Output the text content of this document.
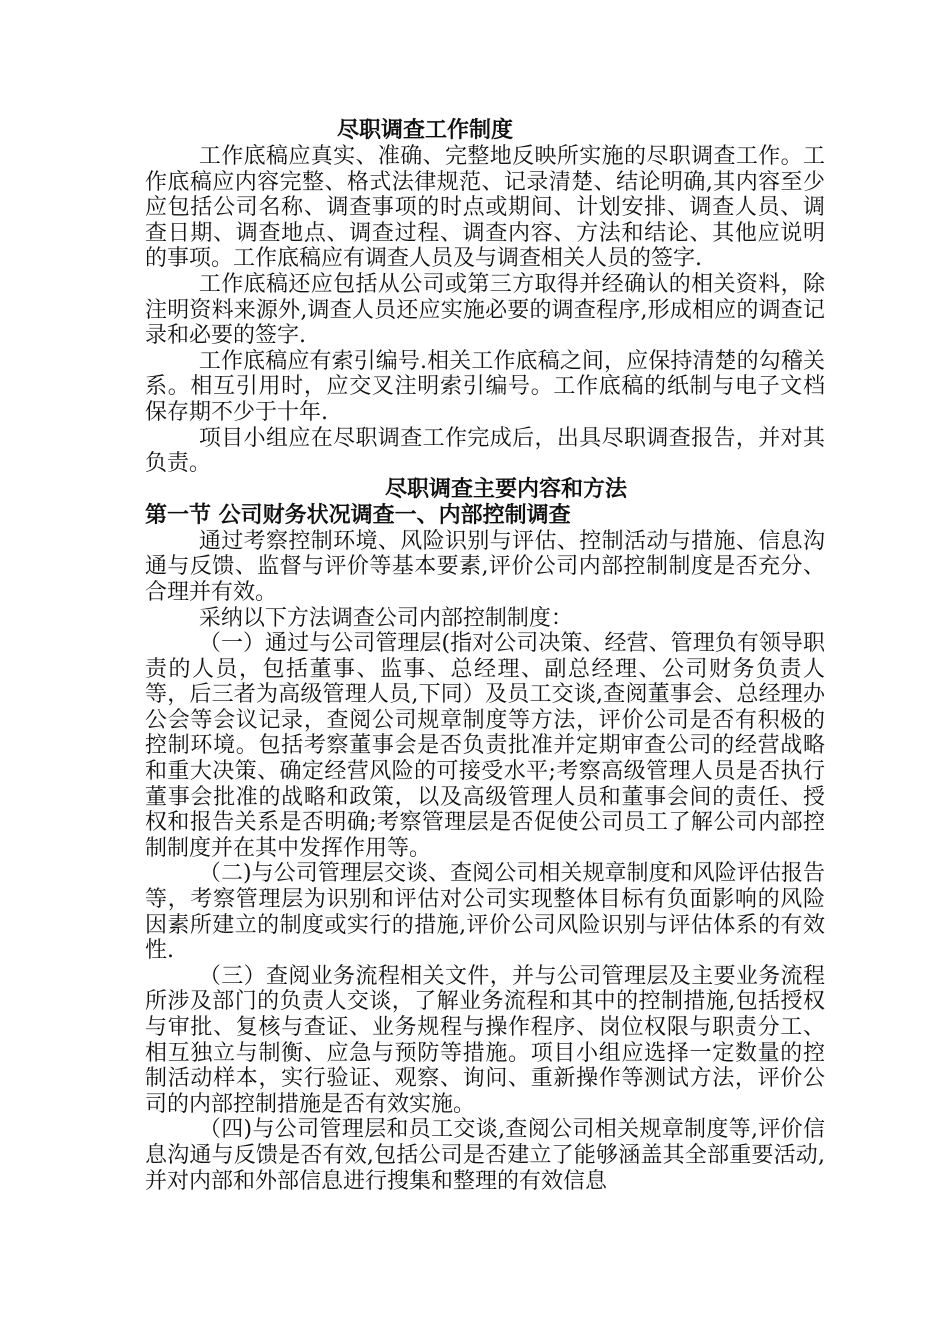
尽职调查工作制度

工作底稿应真实、准确、完整地反映所实施的尽职调查工作。工作底稿应内容完整、格式法律规范、记录清楚、结论明确,其内容至少应包括公司名称、调查事项的时点或期间、计划安排、调查人员、调查日期、调查地点、调查过程、调查内容、方法和结论、其他应说明的事项。工作底稿应有调查人员及与调查相关人员的签字.

工作底稿还应包括从公司或第三方取得并经确认的相关资料，除注明资料来源外,调查人员还应实施必要的调查程序,形成相应的调查记录和必要的签字.

工作底稿应有索引编号.相关工作底稿之间，应保持清楚的勾稽关系。相互引用时，应交叉注明索引编号。工作底稿的纸制与电子文档保存期不少于十年.

项目小组应在尽职调查工作完成后，出具尽职调查报告，并对其负责。

尽职调查主要内容和方法
第一节 公司财务状况调查一、内部控制调查

通过考察控制环境、风险识别与评估、控制活动与措施、信息沟通与反馈、监督与评价等基本要素,评价公司内部控制制度是否充分、合理并有效。

采纳以下方法调查公司内部控制制度：

（一）通过与公司管理层(指对公司决策、经营、管理负有领导职责的人员，包括董事、监事、总经理、副总经理、公司财务负责人等，后三者为高级管理人员,下同）及员工交谈,查阅董事会、总经理办公会等会议记录，查阅公司规章制度等方法，评价公司是否有积极的控制环境。包括考察董事会是否负责批准并定期审查公司的经营战略和重大决策、确定经营风险的可接受水平;考察高级管理人员是否执行董事会批准的战略和政策，以及高级管理人员和董事会间的责任、授权和报告关系是否明确;考察管理层是否促使公司员工了解公司内部控制制度并在其中发挥作用等。

（二)与公司管理层交谈、查阅公司相关规章制度和风险评估报告等，考察管理层为识别和评估对公司实现整体目标有负面影响的风险因素所建立的制度或实行的措施,评价公司风险识别与评估体系的有效性.

（三）查阅业务流程相关文件，并与公司管理层及主要业务流程所涉及部门的负责人交谈，了解业务流程和其中的控制措施,包括授权与审批、复核与查证、业务规程与操作程序、岗位权限与职责分工、相互独立与制衡、应急与预防等措施。项目小组应选择一定数量的控制活动样本，实行验证、观察、询问、重新操作等测试方法，评价公司的内部控制措施是否有效实施。

（四)与公司管理层和员工交谈,查阅公司相关规章制度等,评价信息沟通与反馈是否有效,包括公司是否建立了能够涵盖其全部重要活动,并对内部和外部信息进行搜集和整理的有效信息
